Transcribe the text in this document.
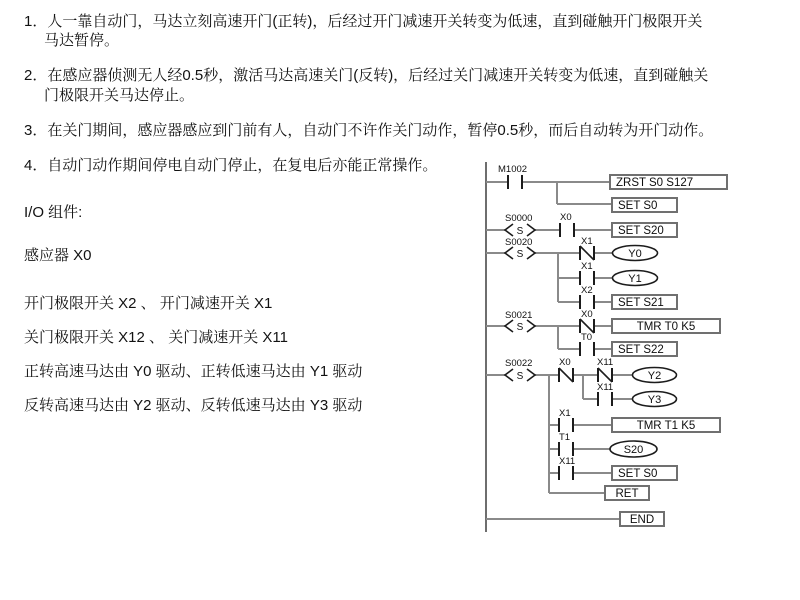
1．人一靠自动门，马达立刻高速开门(正转)，后经过开门减速开关转变为低速，直到碰触开门极限开关
马达暂停。
2．在感应器侦测无人经0.5秒，激活马达高速关门(反转)，后经过关门减速开关转变为低速，直到碰触关
门极限开关马达停止。
3．在关门期间，感应器感应到门前有人，自动门不许作关门动作，暂停0.5秒，而后自动转为开门动作。
4．自动门动作期间停电自动门停止，在复电后亦能正常操作。
I/O 组件:
感应器 X0
开门极限开关 X2 、 开门减速开关 X1
关门极限开关 X12 、 关门减速开关 X11
正转高速马达由 Y0 驱动、正转低速马达由 Y1 驱动
反转高速马达由 Y2 驱动、反转低速马达由 Y3 驱动
M1002
ZRST S0 S127
SET S0
S0000
S
X0
SET S20
S0020
S
X1
Y0
X1
Y1
X2
SET S21
S0021
S
X0
TMR T0 K5
T0
SET S22
S0022
S
X0	X11
Y2
X11
Y3
X1
TMR T1 K5
T1
S20
X11
SET S0
RET
END
